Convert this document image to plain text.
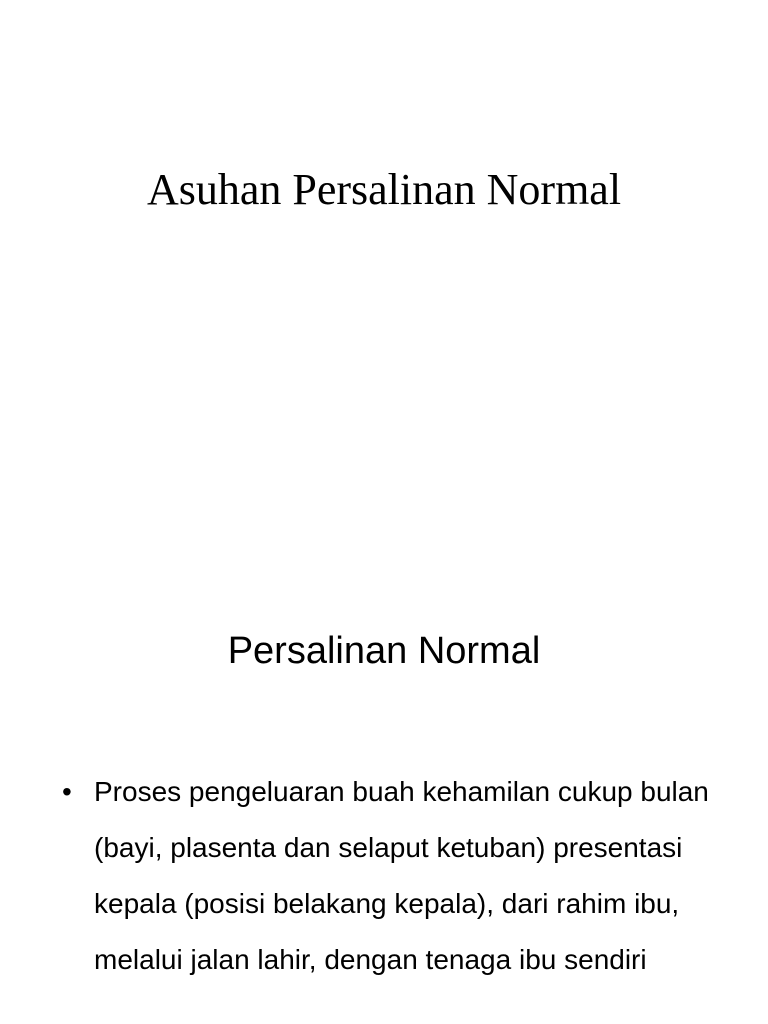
Asuhan Persalinan Normal
Persalinan Normal
• Proses pengeluaran buah kehamilan cukup bulan (bayi, plasenta dan selaput ketuban) presentasi kepala (posisi belakang kepala), dari rahim ibu, melalui jalan lahir, dengan tenaga ibu sendiri
